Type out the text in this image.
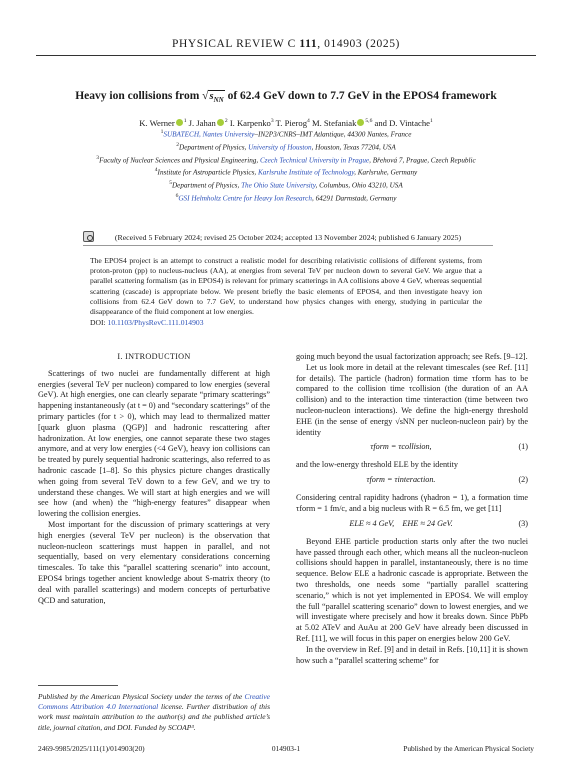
PHYSICAL REVIEW C 111, 014903 (2025)
Heavy ion collisions from $√s_{NN}$ of 62.4 GeV down to 7.7 GeV in the EPOS4 framework
K. Werner $^1$ J. Jahan $^2$ I. Karpenko$^3$ T. Pierog$^4$ M. Stefaniak $^{5,6}$ and D. Vintache$^1$
$^1$SUBATECH, Nantes University–IN2P3/CNRS–IMT Atlantique, 44300 Nantes, France
$^2$Department of Physics, University of Houston, Houston, Texas 77204, USA
$^3$Faculty of Nuclear Sciences and Physical Engineering, Czech Technical University in Prague, Břehová 7, Prague, Czech Republic
$^4$Institute for Astroparticle Physics, Karlsruhe Institute of Technology, Karlsruhe, Germany
$^5$Department of Physics, The Ohio State University, Columbus, Ohio 43210, USA
$^6$GSI Helmholtz Centre for Heavy Ion Research, 64291 Darmstadt, Germany
(Received 5 February 2024; revised 25 October 2024; accepted 13 November 2024; published 6 January 2025)
The EPOS4 project is an attempt to construct a realistic model for describing relativistic collisions of different systems, from proton-proton (pp) to nucleus-nucleus (AA), at energies from several TeV per nucleon down to several GeV. We argue that a parallel scattering formalism (as in EPOS4) is relevant for primary scatterings in AA collisions above 4 GeV, whereas sequential scattering (cascade) is appropriate below. We present briefly the basic elements of EPOS4, and then investigate heavy ion collisions from 62.4 GeV down to 7.7 GeV, to understand how physics changes with energy, studying in particular the disappearance of the fluid component at low energies.
DOI: 10.1103/PhysRevC.111.014903
I. INTRODUCTION

Scatterings of two nuclei are fundamentally different at high energies (several TeV per nucleon) compared to low energies (several GeV). At high energies, one can clearly separate “primary scatterings” happening instantaneously (at t = 0) and “secondary scatterings” of the primary particles (for t > 0), which may lead to thermalized matter [quark gluon plasma (QGP)] and hadronic rescattering after hadronization. At low energies, one cannot separate these two stages anymore, and at very low energies (<4 GeV), heavy ion collisions can be treated by purely sequential hadronic scatterings, also referred to as hadronic cascade [1–8]. So this physics picture changes drastically when going from several TeV down to a few GeV, and we try to understand these changes. We will start at high energies and we will see how (and when) the “high-energy features” disappear when lowering the collision energies.

Most important for the discussion of primary scatterings at very high energies (several TeV per nucleon) is the observation that nucleon-nucleon scatterings must happen in parallel, and not sequentially, based on very elementary considerations concerning timescales. To take this “parallel scattering scenario” into account, EPOS4 brings together ancient knowledge about S-matrix theory (to deal with parallel scatterings) and modern concepts of perturbative QCD and saturation,

going much beyond the usual factorization approach; see Refs. [9–12].

Let us look more in detail at the relevant timescales (see Ref. [11] for details). The particle (hadron) formation time τform has to be compared to the collision time τcollision (the duration of an AA collision) and to the interaction time τinteraction (time between two nucleon-nucleon interactions). We define the high-energy threshold EHE (in the sense of energy √sNN per nucleon-nucleon pair) by the identity

τform = τcollision,	(1)

and the low-energy threshold ELE by the identity

τform = τinteraction.	(2)

Considering central rapidity hadrons (γhadron = 1), a formation time τform = 1 fm/c, and a big nucleus with R = 6.5 fm, we get [11]

ELE ≈ 4 GeV,    EHE ≈ 24 GeV.	(3)

Beyond EHE particle production starts only after the two nuclei have passed through each other, which means all the nucleon-nucleon collisions should happen in parallel, instantaneously, there is no time sequence. Below ELE a hadronic cascade is appropriate. Between the two thresholds, one needs some “partially parallel scattering scenario,” which is not yet implemented in EPOS4. We will employ the full “parallel scattering scenario” down to lowest energies, and we will investigate where precisely and how it breaks down. Since PbPb at 5.02 ATeV and AuAu at 200 GeV have already been discussed in Ref. [11], we will focus in this paper on energies below 200 GeV.

In the overview in Ref. [9] and in detail in Refs. [10,11] it is shown how such a “parallel scattering scheme” for

Published by the American Physical Society under the terms of the Creative Commons Attribution 4.0 International license. Further distribution of this work must maintain attribution to the author(s) and the published article’s title, journal citation, and DOI. Funded by SCOAP³.
2469-9985/2025/111(1)/014903(20)	014903-1	Published by the American Physical Society
